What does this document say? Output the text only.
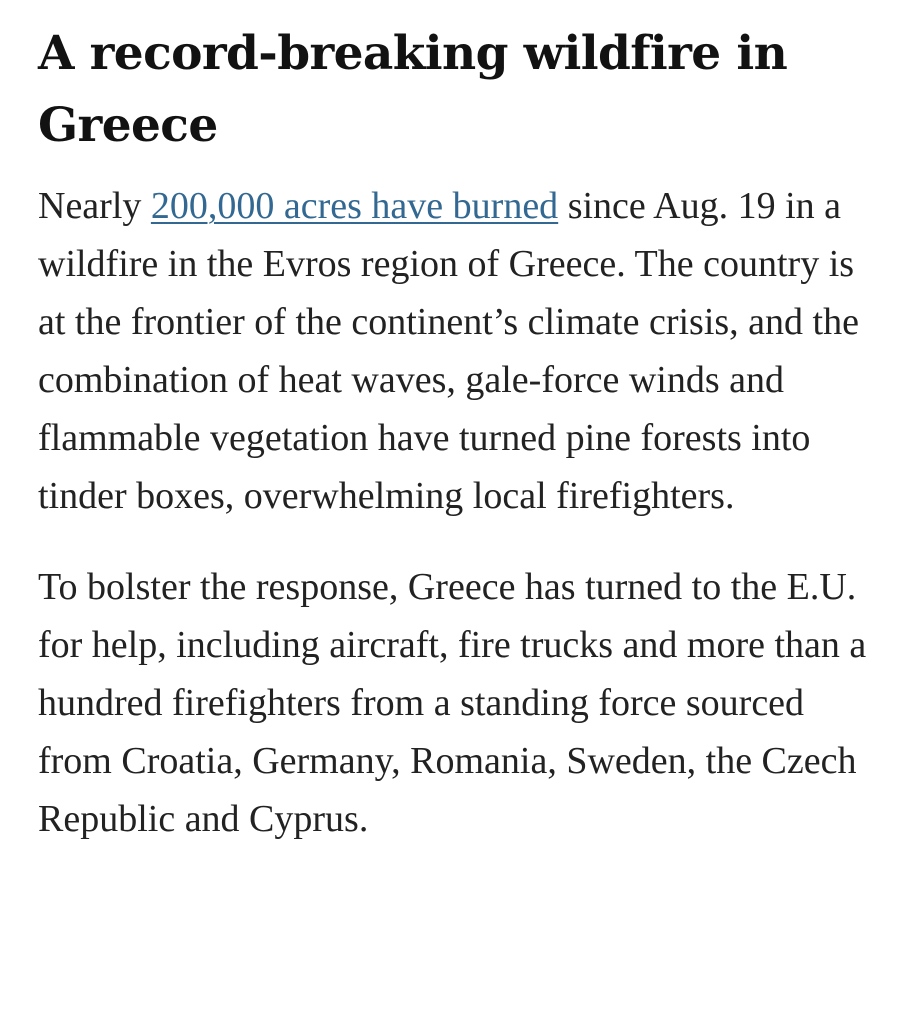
A record-breaking wildfire in Greece

Nearly 200,000 acres have burned since Aug. 19 in a wildfire in the Evros region of Greece. The country is at the frontier of the continent’s climate crisis, and the combination of heat waves, gale-force winds and flammable vegetation have turned pine forests into tinder boxes, overwhelming local firefighters.

To bolster the response, Greece has turned to the E.U. for help, including aircraft, fire trucks and more than a hundred firefighters from a standing force sourced from Croatia, Germany, Romania, Sweden, the Czech Republic and Cyprus.
